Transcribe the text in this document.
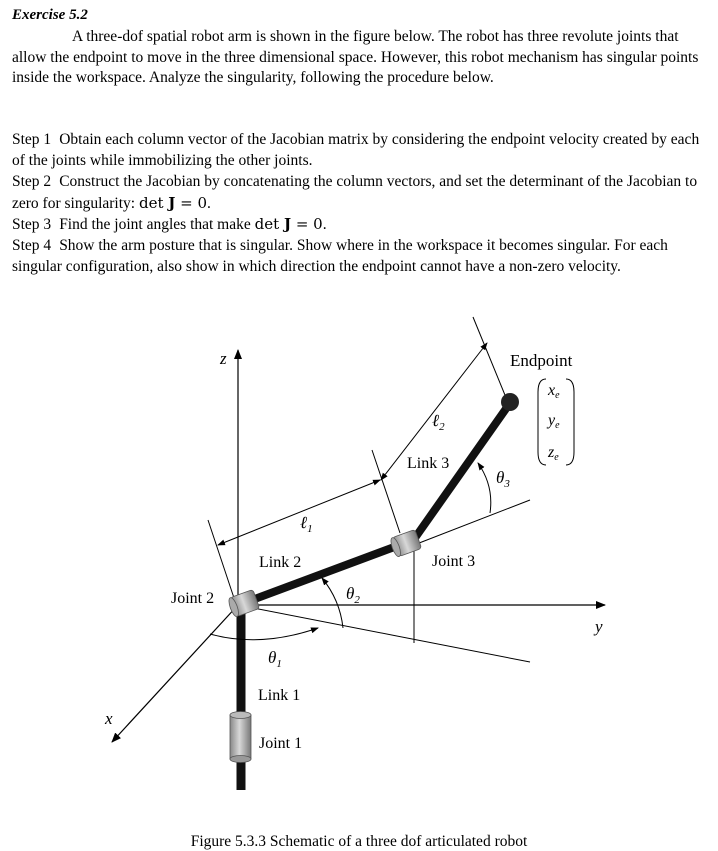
Exercise 5.2

A three-dof spatial robot arm is shown in the figure below. The robot has three revolute joints that allow the endpoint to move in the three dimensional space. However, this robot mechanism has singular points inside the workspace. Analyze the singularity, following the procedure below.

Step 1 Obtain each column vector of the Jacobian matrix by considering the endpoint velocity created by each of the joints while immobilizing the other joints.

Step 2 Construct the Jacobian by concatenating the column vectors, and set the determinant of the Jacobian to zero for singularity: det J = 0.

Step 3 Find the joint angles that make det J = 0.

Step 4 Show the arm posture that is singular. Show where in the workspace it becomes singular. For each singular configuration, also show in which direction the endpoint cannot have a non-zero velocity.

z
y
x
Endpoint
xe
ye
ze
ℓ$_1$
ℓ$_2$
Link 3
Link 2
Link 1
Joint 1
Joint 2
Joint 3
$\theta_1$
$\theta_2$
$\theta_3$
Figure 5.3.3 Schematic of a three dof articulated robot
